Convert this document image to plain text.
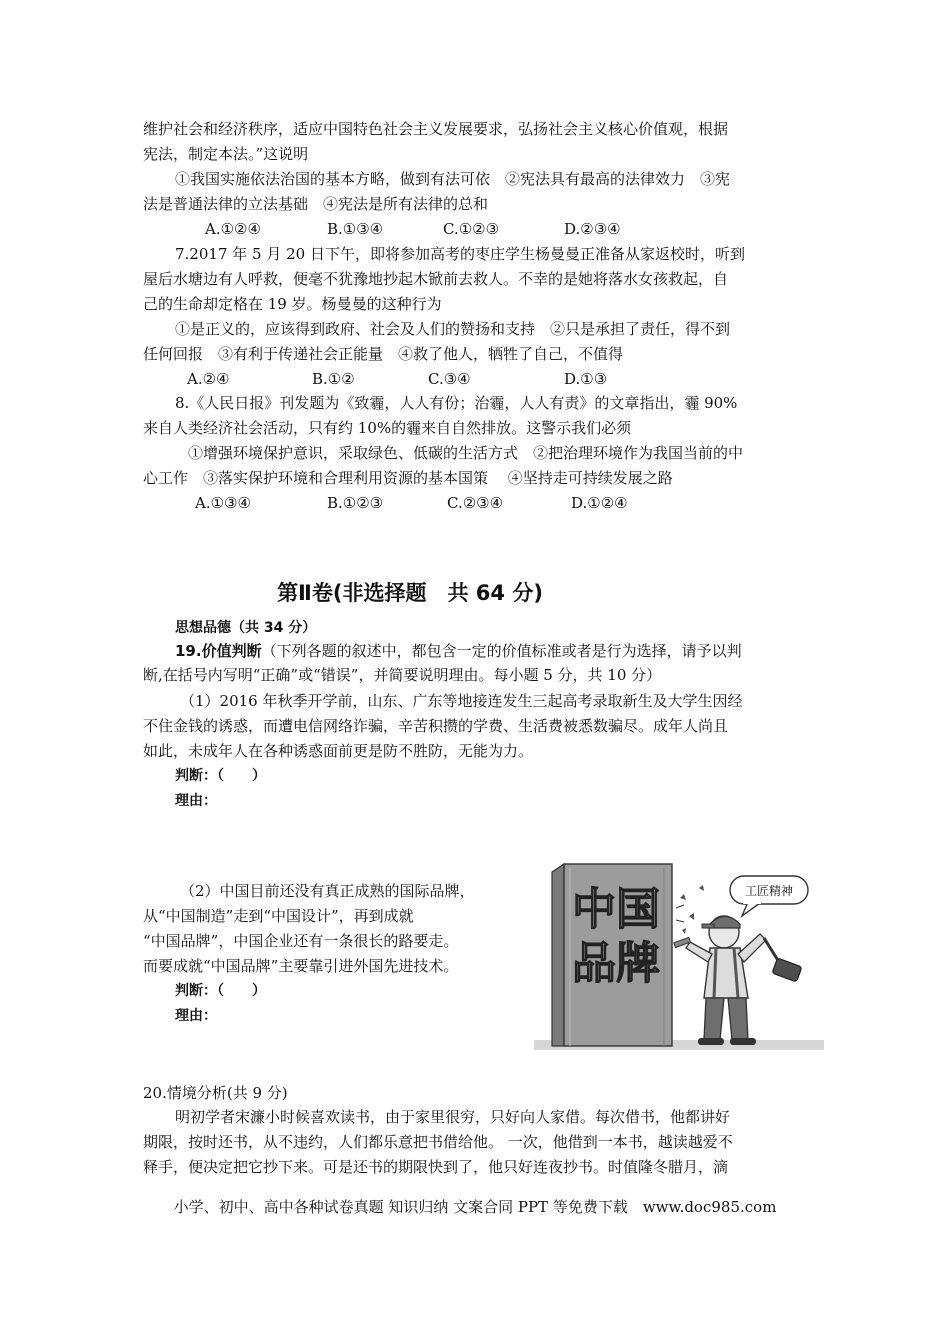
维护社会和经济秩序，适应中国特色社会主义发展要求，弘扬社会主义核心价值观，根据
宪法，制定本法。”这说明
①我国实施依法治国的基本方略，做到有法可依　②宪法具有最高的法律效力　③宪
法是普通法律的立法基础　④宪法是所有法律的总和
A.①②④	B.①③④	C.①②③	D.②③④
7.2017 年 5 月 20 日下午，即将参加高考的枣庄学生杨曼曼正准备从家返校时，听到
屋后水塘边有人呼救，便毫不犹豫地抄起木锨前去救人。不幸的是她将落水女孩救起，自
己的生命却定格在 19 岁。杨曼曼的这种行为
①是正义的，应该得到政府、社会及人们的赞扬和支持　②只是承担了责任，得不到
任何回报　③有利于传递社会正能量　④救了他人，牺牲了自己，不值得
A.②④	B.①②	C.③④	D.①③
8.《人民日报》刊发题为《致霾，人人有份；治霾，人人有责》的文章指出，霾 90%
来自人类经济社会活动，只有约 10%的霾来自自然排放。这警示我们必须
①增强环境保护意识，采取绿色、低碳的生活方式　②把治理环境作为我国当前的中
心工作　③落实保护环境和合理利用资源的基本国策　 ④坚持走可持续发展之路
A.①③④	B.①②③	C.②③④	D.①②④
第Ⅱ卷(非选择题　共 64 分)
思想品德（共 34 分）
19.价值判断（下列各题的叙述中，都包含一定的价值标准或者是行为选择，请予以判
断,在括号内写明“正确”或“错误”，并简要说明理由。每小题 5 分，共 10 分）
（1）2016 年秋季开学前，山东、广东等地接连发生三起高考录取新生及大学生因经
不住金钱的诱惑，而遭电信网络诈骗，辛苦积攒的学费、生活费被悉数骗尽。成年人尚且
如此，未成年人在各种诱惑面前更是防不胜防，无能为力。
判断：（　　）
理由：
（2）中国目前还没有真正成熟的国际品牌，
从“中国制造”走到“中国设计”，再到成就
“中国品牌”，中国企业还有一条很长的路要走。
而要成就“中国品牌”主要靠引进外国先进技术。
判断：（　　）
理由：
中国
品牌
工匠精神
20.情境分析(共 9 分)
明初学者宋濂小时候喜欢读书，由于家里很穷，只好向人家借。每次借书，他都讲好
期限，按时还书，从不违约，人们都乐意把书借给他。 一次，他借到一本书，越读越爱不
释手，便决定把它抄下来。可是还书的期限快到了，他只好连夜抄书。时值隆冬腊月，滴
小学、初中、高中各种试卷真题 知识归纳 文案合同 PPT 等免费下载　www.doc985.com
